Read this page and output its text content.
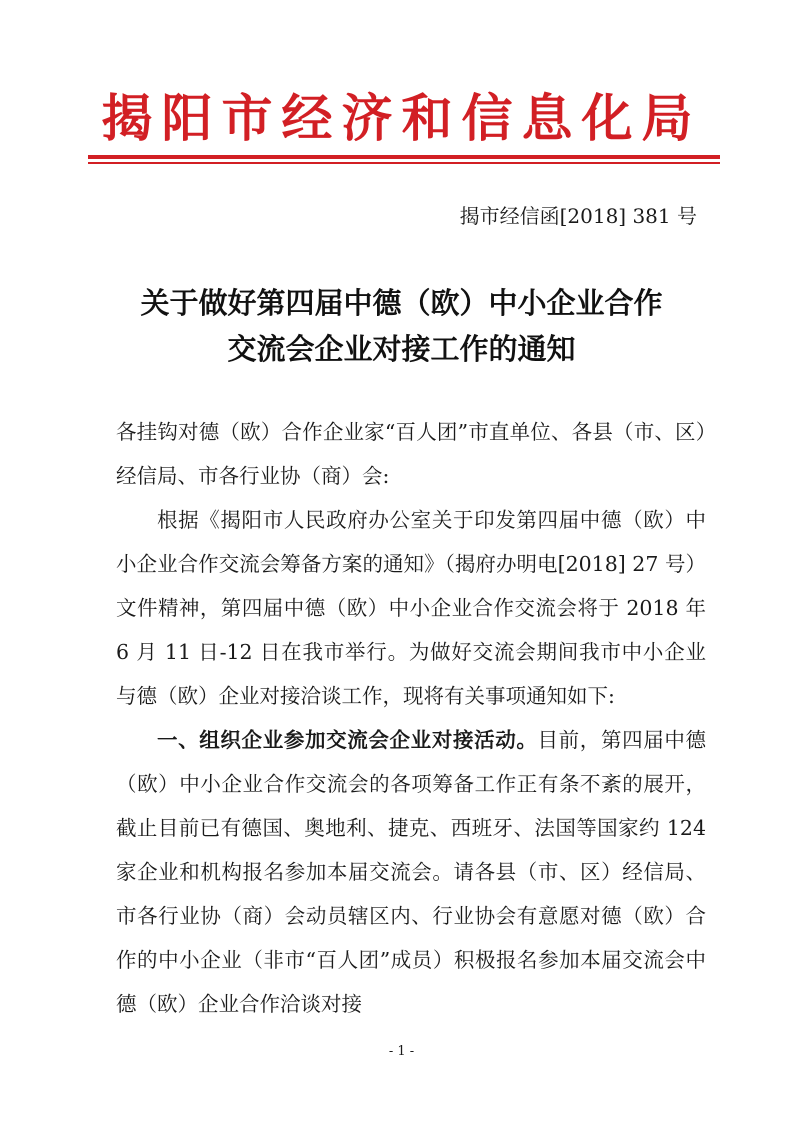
揭阳市经济和信息化局
揭市经信函[2018] 381 号
关于做好第四届中德（欧）中小企业合作
交流会企业对接工作的通知

各挂钩对德（欧）合作企业家“百人团”市直单位、各县（市、区）经信局、市各行业协（商）会:

根据《揭阳市人民政府办公室关于印发第四届中德（欧）中小企业合作交流会筹备方案的通知》（揭府办明电[2018] 27 号）文件精神，第四届中德（欧）中小企业合作交流会将于 2018 年 6 月 11 日-12 日在我市举行。为做好交流会期间我市中小企业与德（欧）企业对接洽谈工作，现将有关事项通知如下:

一、组织企业参加交流会企业对接活动。目前，第四届中德（欧）中小企业合作交流会的各项筹备工作正有条不紊的展开，截止目前已有德国、奥地利、捷克、西班牙、法国等国家约 124 家企业和机构报名参加本届交流会。请各县（市、区）经信局、市各行业协（商）会动员辖区内、行业协会有意愿对德（欧）合作的中小企业（非市“百人团”成员）积极报名参加本届交流会中德（欧）企业合作洽谈对接

- 1 -
